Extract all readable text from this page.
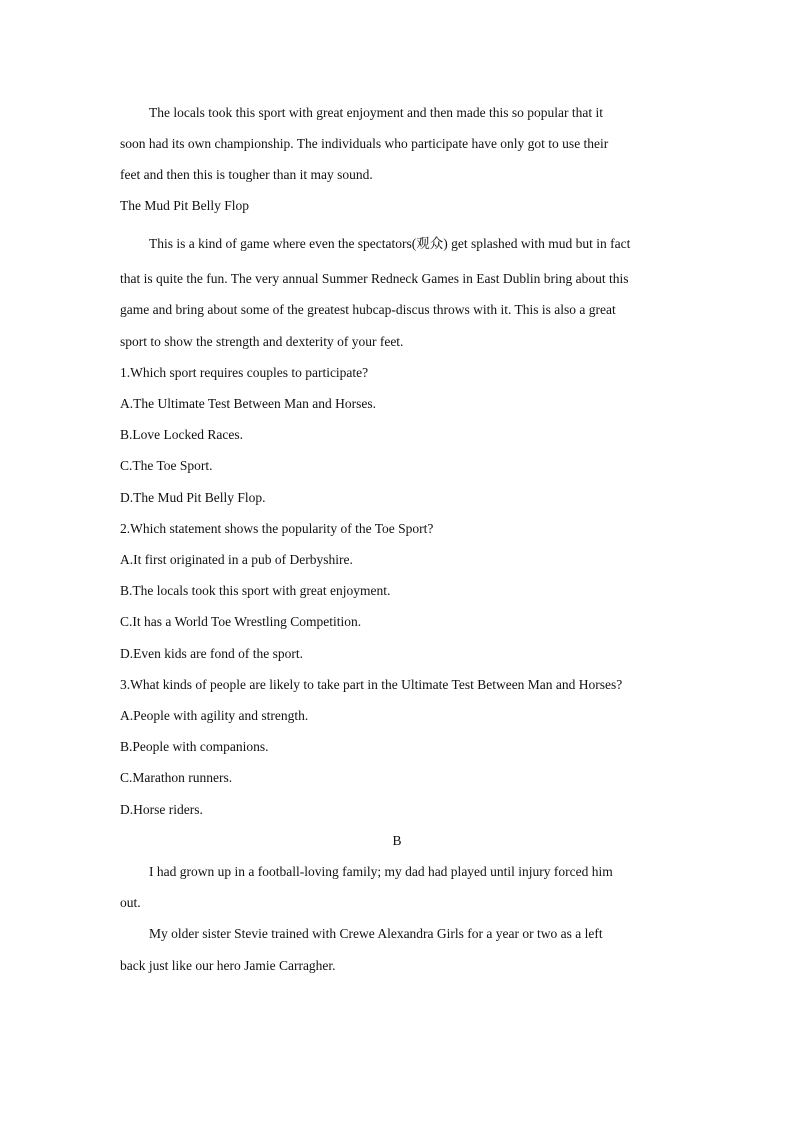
The locals took this sport with great enjoyment and then made this so popular that it
soon had its own championship. The individuals who participate have only got to use their
feet and then this is tougher than it may sound.
The Mud Pit Belly Flop
This is a kind of game where even the spectators(观众) get splashed with mud but in fact
that is quite the fun. The very annual Summer Redneck Games in East Dublin bring about this
game and bring about some of the greatest hubcap-discus throws with it. This is also a great
sport to show the strength and dexterity of your feet.
1.Which sport requires couples to participate?
A.The Ultimate Test Between Man and Horses.
B.Love Locked Races.
C.The Toe Sport.
D.The Mud Pit Belly Flop.
2.Which statement shows the popularity of the Toe Sport?
A.It first originated in a pub of Derbyshire.
B.The locals took this sport with great enjoyment.
C.It has a World Toe Wrestling Competition.
D.Even kids are fond of the sport.
3.What kinds of people are likely to take part in the Ultimate Test Between Man and Horses?
A.People with agility and strength.
B.People with companions.
C.Marathon runners.
D.Horse riders.
B
I had grown up in a football-loving family; my dad had played until injury forced him
out.
My older sister Stevie trained with Crewe Alexandra Girls for a year or two as a left
back just like our hero Jamie Carragher.
